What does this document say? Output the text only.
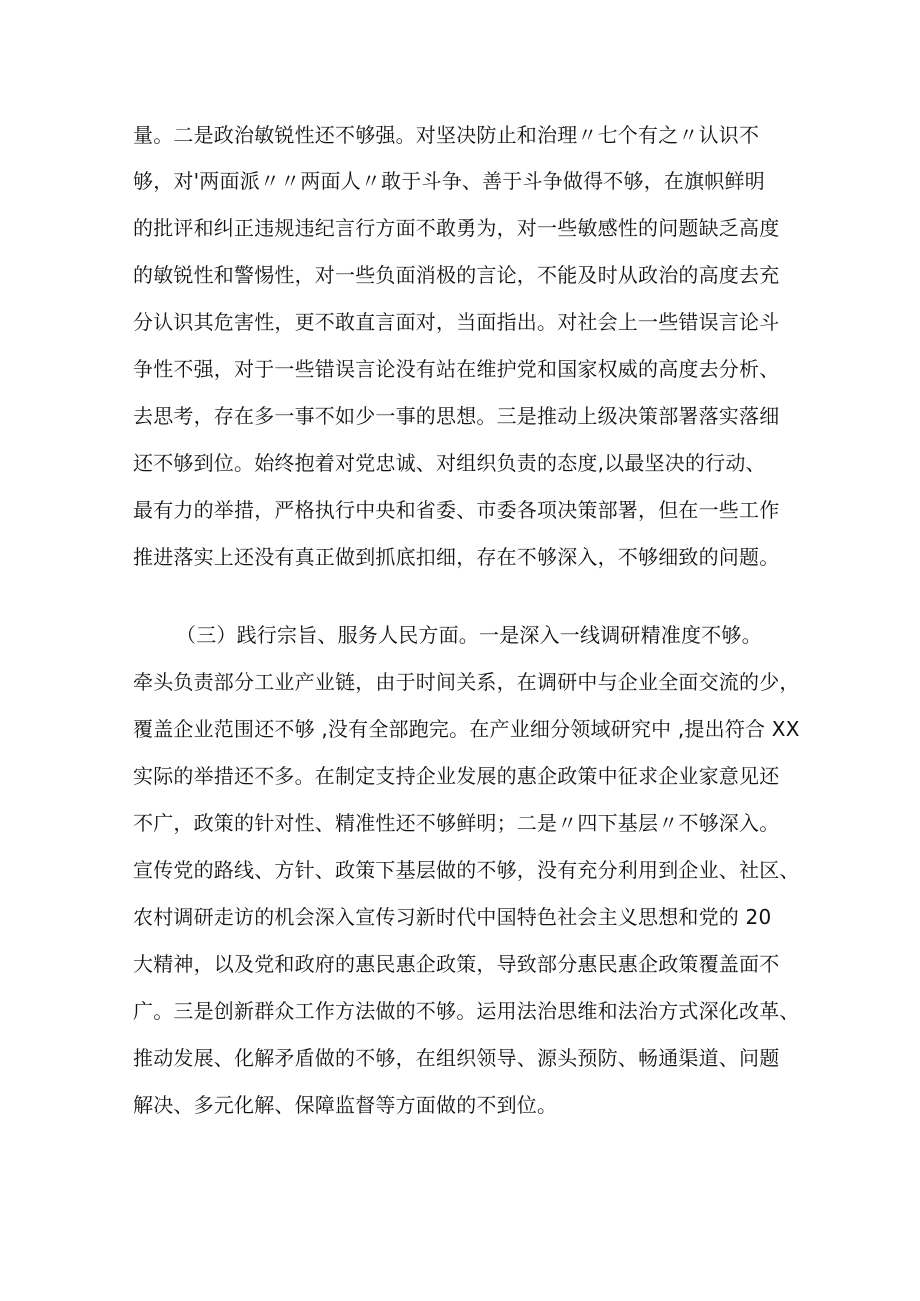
量。二是政治敏锐性还不够强。对坚决防止和治理〃七个有之〃认识不
够，对'两面派〃〃两面人〃敢于斗争、善于斗争做得不够，在旗帜鲜明
的批评和纠正违规违纪言行方面不敢勇为，对一些敏感性的问题缺乏高度
的敏锐性和警惕性，对一些负面消极的言论，不能及时从政治的高度去充
分认识其危害性，更不敢直言面对，当面指出。对社会上一些错误言论斗
争性不强，对于一些错误言论没有站在维护党和国家权威的高度去分析、
去思考，存在多一事不如少一事的思想。三是推动上级决策部署落实落细
还不够到位。始终抱着对党忠诚、对组织负责的态度,以最坚决的行动、
最有力的举措，严格执行中央和省委、市委各项决策部署，但在一些工作
推进落实上还没有真正做到抓底扣细，存在不够深入，不够细致的问题。
（三）践行宗旨、服务人民方面。一是深入一线调研精准度不够。
牵头负责部分工业产业链，由于时间关系，在调研中与企业全面交流的少，
覆盖企业范围还不够 ,没有全部跑完。在产业细分领域研究中 ,提出符合 XX
实际的举措还不多。在制定支持企业发展的惠企政策中征求企业家意见还
不广，政策的针对性、精准性还不够鲜明；二是〃四下基层〃不够深入。
宣传党的路线、方针、政策下基层做的不够，没有充分利用到企业、社区、
农村调研走访的机会深入宣传习新时代中国特色社会主义思想和党的 20
大精神，以及党和政府的惠民惠企政策，导致部分惠民惠企政策覆盖面不
广。三是创新群众工作方法做的不够。运用法治思维和法治方式深化改革、
推动发展、化解矛盾做的不够，在组织领导、源头预防、畅通渠道、问题
解决、多元化解、保障监督等方面做的不到位。
